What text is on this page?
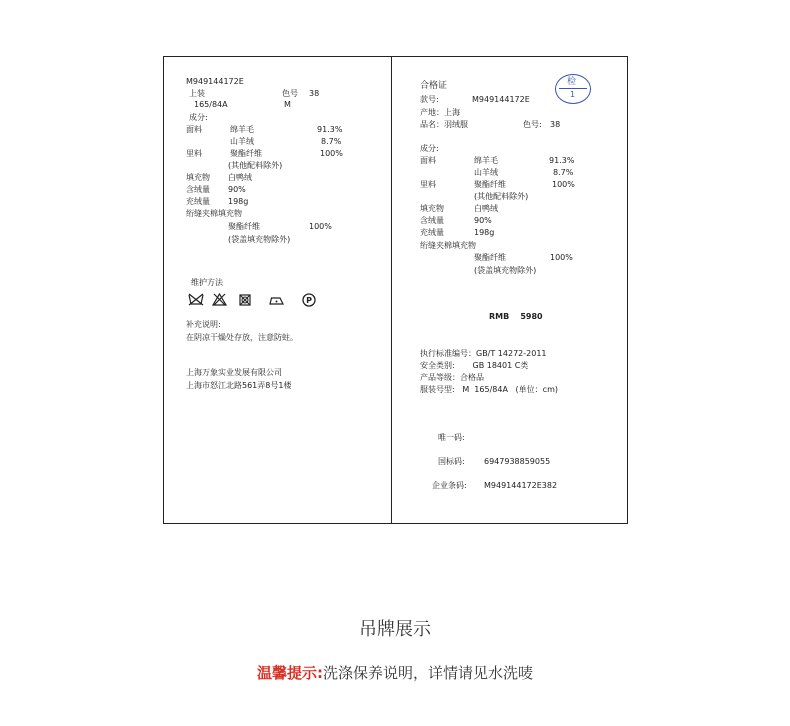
M949144172E
上装	色号 38
165/84A	M
成分:
面料	绵羊毛	91.3%
山羊绒	8.7%
里料	聚酯纤维	100%
(其他配料除外)
填充物 白鸭绒
含绒量 90%
充绒量 198g
绗缝夹棉填充物
聚酯纤维	100%
(袋盖填充物除外)
维护方法
P
补充说明:
在阴凉干燥处存放，注意防蛀。
上海万象实业发展有限公司
上海市怒江北路561弄8号1楼
合格证	检
1
款号:	M949144172E
产地：上海
品名：羽绒服	色号: 38
成分:
面料	绵羊毛	91.3%
山羊绒	8.7%
里料	聚酯纤维	100%
(其他配料除外)
填充物	白鸭绒
含绒量	90%
充绒量	198g
绗缝夹棉填充物
聚酯纤维	100%
(袋盖填充物除外)
RMB    5980
执行标准编号：GB/T 14272-2011
安全类别:       GB 18401 C类
产品等级：合格品
服装号型:   M  165/84A   (单位：cm)
唯一码:
国标码: 6947938859055
企业条码: M949144172E382
吊牌展示
温馨提示:洗涤保养说明，详情请见水洗唛
